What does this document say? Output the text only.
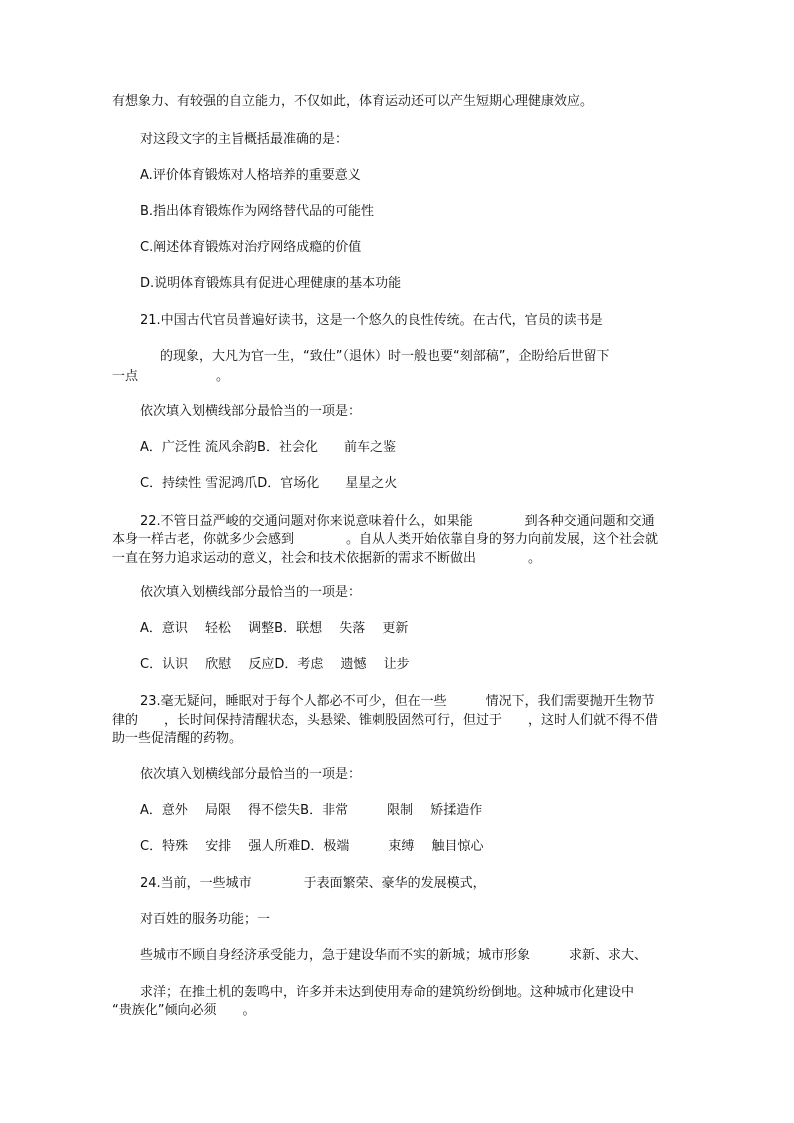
有想象力、有较强的自立能力，不仅如此，体育运动还可以产生短期心理健康效应。
对这段文字的主旨概括最准确的是：
A.评价体育锻炼对人格培养的重要意义
B.指出体育锻炼作为网络替代品的可能性
C.阐述体育锻炼对治疗网络成瘾的价值
D.说明体育锻炼具有促进心理健康的基本功能
21.中国古代官员普遍好读书，这是一个悠久的良性传统。在古代，官员的读书是
的现象，大凡为官一生，“致仕”（退休）时一般也要“刻部稿”，企盼给后世留下
一点　　　　　　。
依次填入划横线部分最恰当的一项是：
A．广泛性 流风余韵B．社会化　　前车之鉴
C．持续性 雪泥鸿爪D．官场化　　星星之火
22.不管日益严峻的交通问题对你来说意味着什么，如果能　　　　到各种交通问题和交通
本身一样古老，你就多少会感到　　　　。自从人类开始依靠自身的努力向前发展，这个社会就
一直在努力追求运动的意义，社会和技术依据新的需求不断做出　　　　。
依次填入划横线部分最恰当的一项是：
A．意识　 轻松　 调整B．联想　 失落　 更新
C．认识　 欣慰　 反应D．考虑　 遗憾　 让步
23.毫无疑问，睡眠对于每个人都必不可少，但在一些　　　情况下，我们需要抛开生物节
律的　　，长时间保持清醒状态，头悬梁、锥刺股固然可行，但过于　　，这时人们就不得不借
助一些促清醒的药物。
依次填入划横线部分最恰当的一项是：
A．意外　 局限　 得不偿失B．非常　　　限制　 矫揉造作
C．特殊　 安排　 强人所难D．极端　　　束缚　 触目惊心
24.当前，一些城市　　　　于表面繁荣、豪华的发展模式，
对百姓的服务功能；一
些城市不顾自身经济承受能力，急于建设华而不实的新城；城市形象　　　求新、求大、
求洋；在推土机的轰鸣中，许多并未达到使用寿命的建筑纷纷倒地。这种城市化建设中
“贵族化”倾向必须　　。
